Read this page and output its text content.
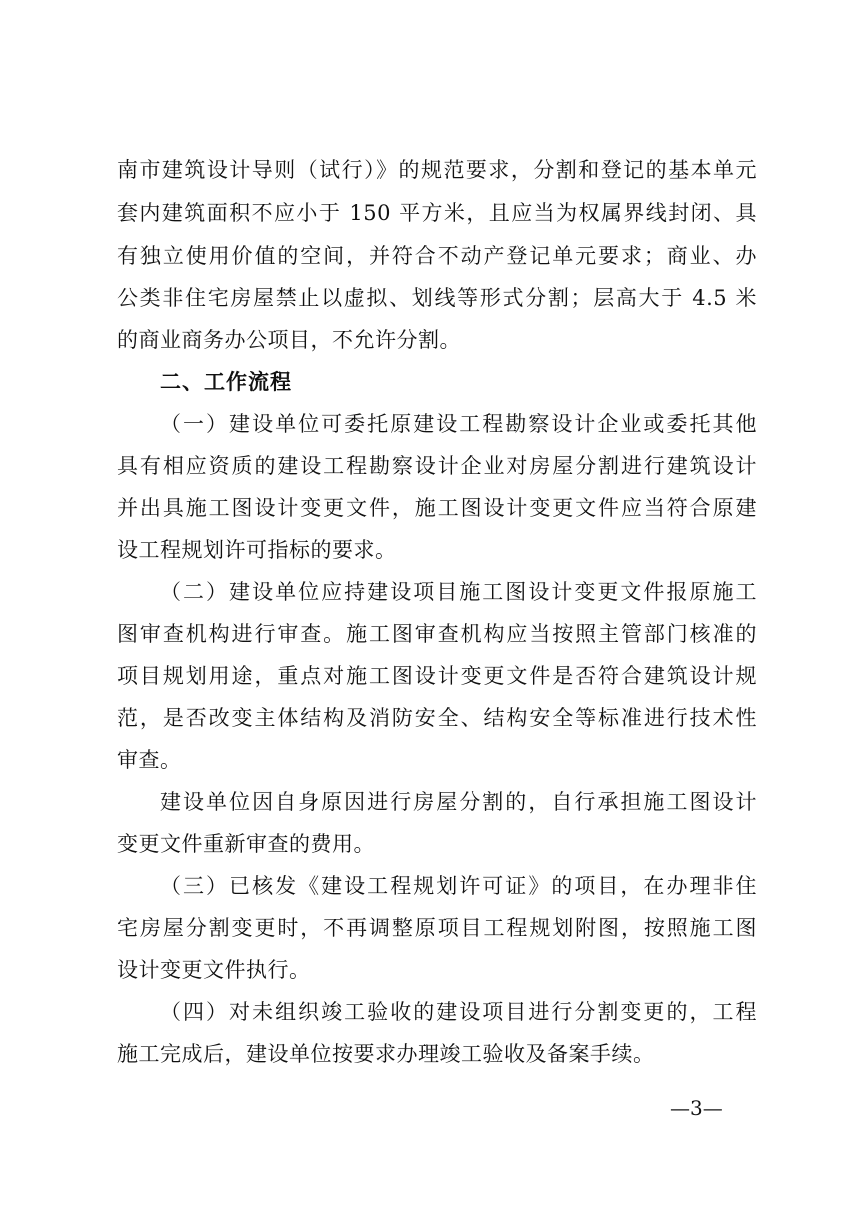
南市建筑设计导则（试行）》的规范要求，分割和登记的基本单元
套内建筑面积不应小于 150 平方米，且应当为权属界线封闭、具
有独立使用价值的空间，并符合不动产登记单元要求；商业、办
公类非住宅房屋禁止以虚拟、划线等形式分割；层高大于 4.5 米
的商业商务办公项目，不允许分割。
二、工作流程
（一）建设单位可委托原建设工程勘察设计企业或委托其他
具有相应资质的建设工程勘察设计企业对房屋分割进行建筑设计
并出具施工图设计变更文件，施工图设计变更文件应当符合原建
设工程规划许可指标的要求。
（二）建设单位应持建设项目施工图设计变更文件报原施工
图审查机构进行审查。施工图审查机构应当按照主管部门核准的
项目规划用途，重点对施工图设计变更文件是否符合建筑设计规
范，是否改变主体结构及消防安全、结构安全等标准进行技术性
审查。
建设单位因自身原因进行房屋分割的，自行承担施工图设计
变更文件重新审查的费用。
（三）已核发《建设工程规划许可证》的项目，在办理非住
宅房屋分割变更时，不再调整原项目工程规划附图，按照施工图
设计变更文件执行。
（四）对未组织竣工验收的建设项目进行分割变更的，工程
施工完成后，建设单位按要求办理竣工验收及备案手续。
—3—
